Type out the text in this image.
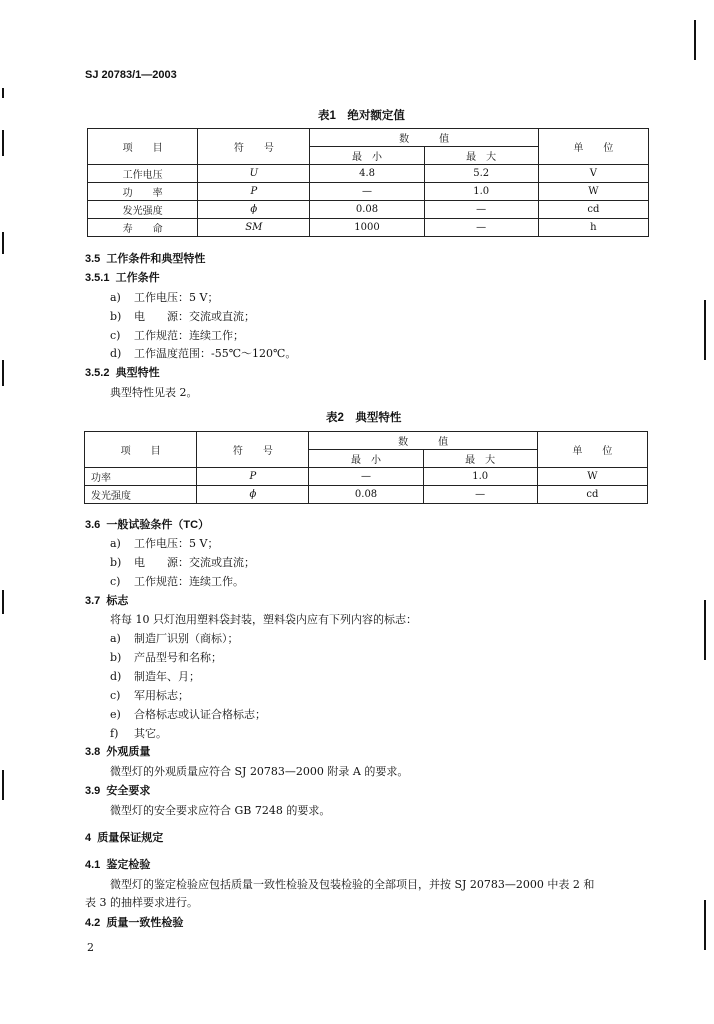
SJ 20783/1—2003
表1　绝对额定值
项　　目	符　　号	数　　　值		单　　位
		最　小	最　大	
工作电压	U	4.8	5.2	V
功　　率	P	—	1.0	W
发光强度	ϕ	0.08	—	cd
寿　　命	SM	1000	—	h
3.5 工作条件和典型特性
3.5.1 工作条件
a) 工作电压：5 V；
b) 电　　源：交流或直流；
c) 工作规范：连续工作；
d) 工作温度范围：-55℃～120℃。
3.5.2 典型特性
典型特性见表 2。
表2　典型特性
项　　目	符　　号	数　　　值		单　　位
		最　小	最　大	
功率	P	—	1.0	W
发光强度	ϕ	0.08	—	cd
3.6 一般试验条件（TC）
a) 工作电压：5 V；
b) 电　　源：交流或直流；
c) 工作规范：连续工作。
3.7 标志
将每 10 只灯泡用塑料袋封装，塑料袋内应有下列内容的标志：
a) 制造厂识别（商标）；
b) 产品型号和名称；
d) 制造年、月；
c) 军用标志；
e) 合格标志或认证合格标志；
f) 其它。
3.8 外观质量
微型灯的外观质量应符合 SJ 20783—2000 附录 A 的要求。
3.9 安全要求
微型灯的安全要求应符合 GB 7248 的要求。
4 质量保证规定
4.1 鉴定检验
微型灯的鉴定检验应包括质量一致性检验及包装检验的全部项目，并按 SJ 20783—2000 中表 2 和
表 3 的抽样要求进行。
4.2 质量一致性检验
2
